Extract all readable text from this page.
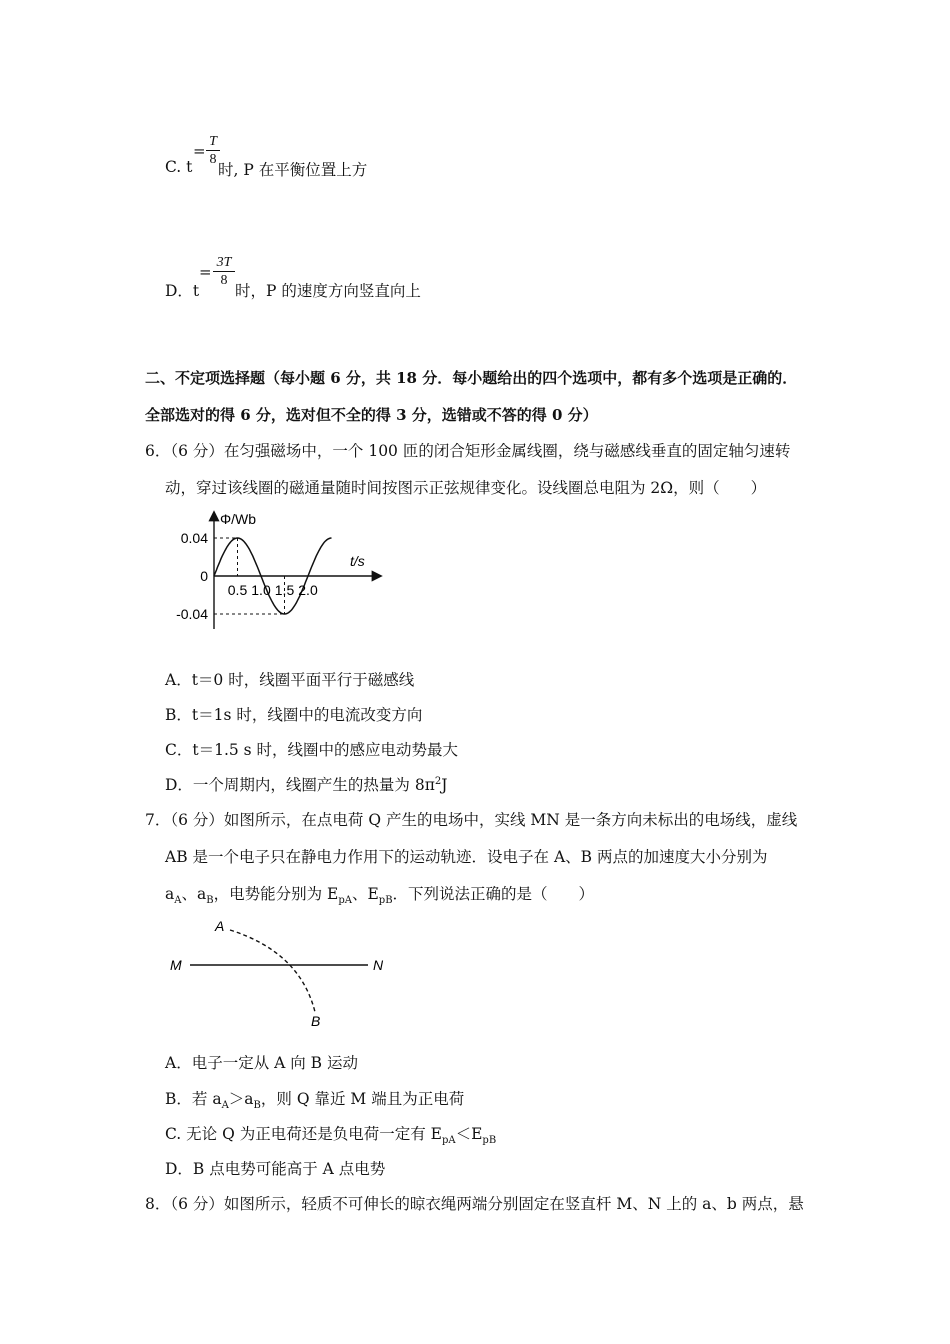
C. t
=
T
8
时, P 在平衡位置上方
D．t
=
3T
8
时，P 的速度方向竖直向上
二、不定项选择题（每小题 6 分，共 18 分．每小题给出的四个选项中，都有多个选项是正确的．
全部选对的得 6 分，选对但不全的得 3 分，选错或不答的得 0 分）
6．（6 分）在匀强磁场中，一个 100 匝的闭合矩形金属线圈，绕与磁感线垂直的固定轴匀速转
动，穿过该线圈的磁通量随时间按图示正弦规律变化。设线圈总电阻为 2Ω，则（　　）
Φ/Wb
t/s
0.04
0
-0.04
0.5 1.0 1.5 2.0
A．t＝0 时，线圈平面平行于磁感线
B．t＝1s 时，线圈中的电流改变方向
C．t＝1.5 s 时，线圈中的感应电动势最大
D．一个周期内，线圈产生的热量为 $8\pi^2J$
7．（6 分）如图所示，在点电荷 Q 产生的电场中，实线 MN 是一条方向未标出的电场线，虚线
AB 是一个电子只在静电力作用下的运动轨迹．设电子在 A、B 两点的加速度大小分别为
$a_A$、$a_B$，电势能分别为 $E_{pA}$、$E_{pB}$．下列说法正确的是（　　）
A
B
M	N
A．电子一定从 A 向 B 运动
B．若 $a_A>a_B$，则 Q 靠近 M 端且为正电荷
C. 无论 Q 为正电荷还是负电荷一定有 $E_{pA}<E_{pB}$
D．B 点电势可能高于 A 点电势
8．（6 分）如图所示，轻质不可伸长的晾衣绳两端分别固定在竖直杆 M、N 上的 a、b 两点，悬
